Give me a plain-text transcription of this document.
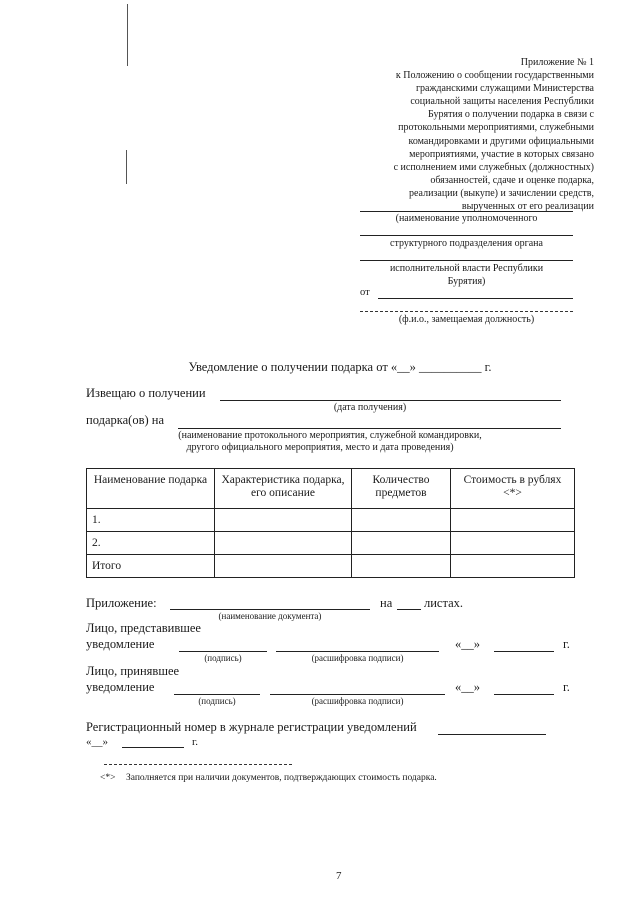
Приложение № 1
к Положению о сообщении государственными
гражданскими служащими Министерства
социальной защиты населения Республики
Бурятия о получении подарка в связи с
протокольными мероприятиями, служебными
командировками и другими официальными
мероприятиями, участие в которых связано
с исполнением ими служебных (должностных)
обязанностей, сдаче и оценке подарка,
реализации (выкупе) и зачислении средств,
вырученных от его реализации
(наименование уполномоченного
структурного подразделения органа
исполнительной власти Республики
Бурятия)
от
(ф.и.о., замещаемая должность)
Уведомление о получении подарка от «__» __________ г.
Извещаю о получении
(дата получения)
подарка(ов) на
(наименование протокольного мероприятия, служебной командировки,
другого официального мероприятия, место и дата проведения)
Наименование подарка	Характеристика подарка, его описание	Количество предметов	Стоимость в рублях <*>
1.			
2.			
Итого			
Приложение:
(наименование документа)
на	листах.
Лицо, представившее
уведомление
(подпись)	(расшифровка подписи)
«__»	г.
Лицо, принявшее
уведомление
(подпись)	(расшифровка подписи)
«__»	г.
Регистрационный номер в журнале регистрации уведомлений
«__»	г.
<*> Заполняется при наличии документов, подтверждающих стоимость подарка.
7
